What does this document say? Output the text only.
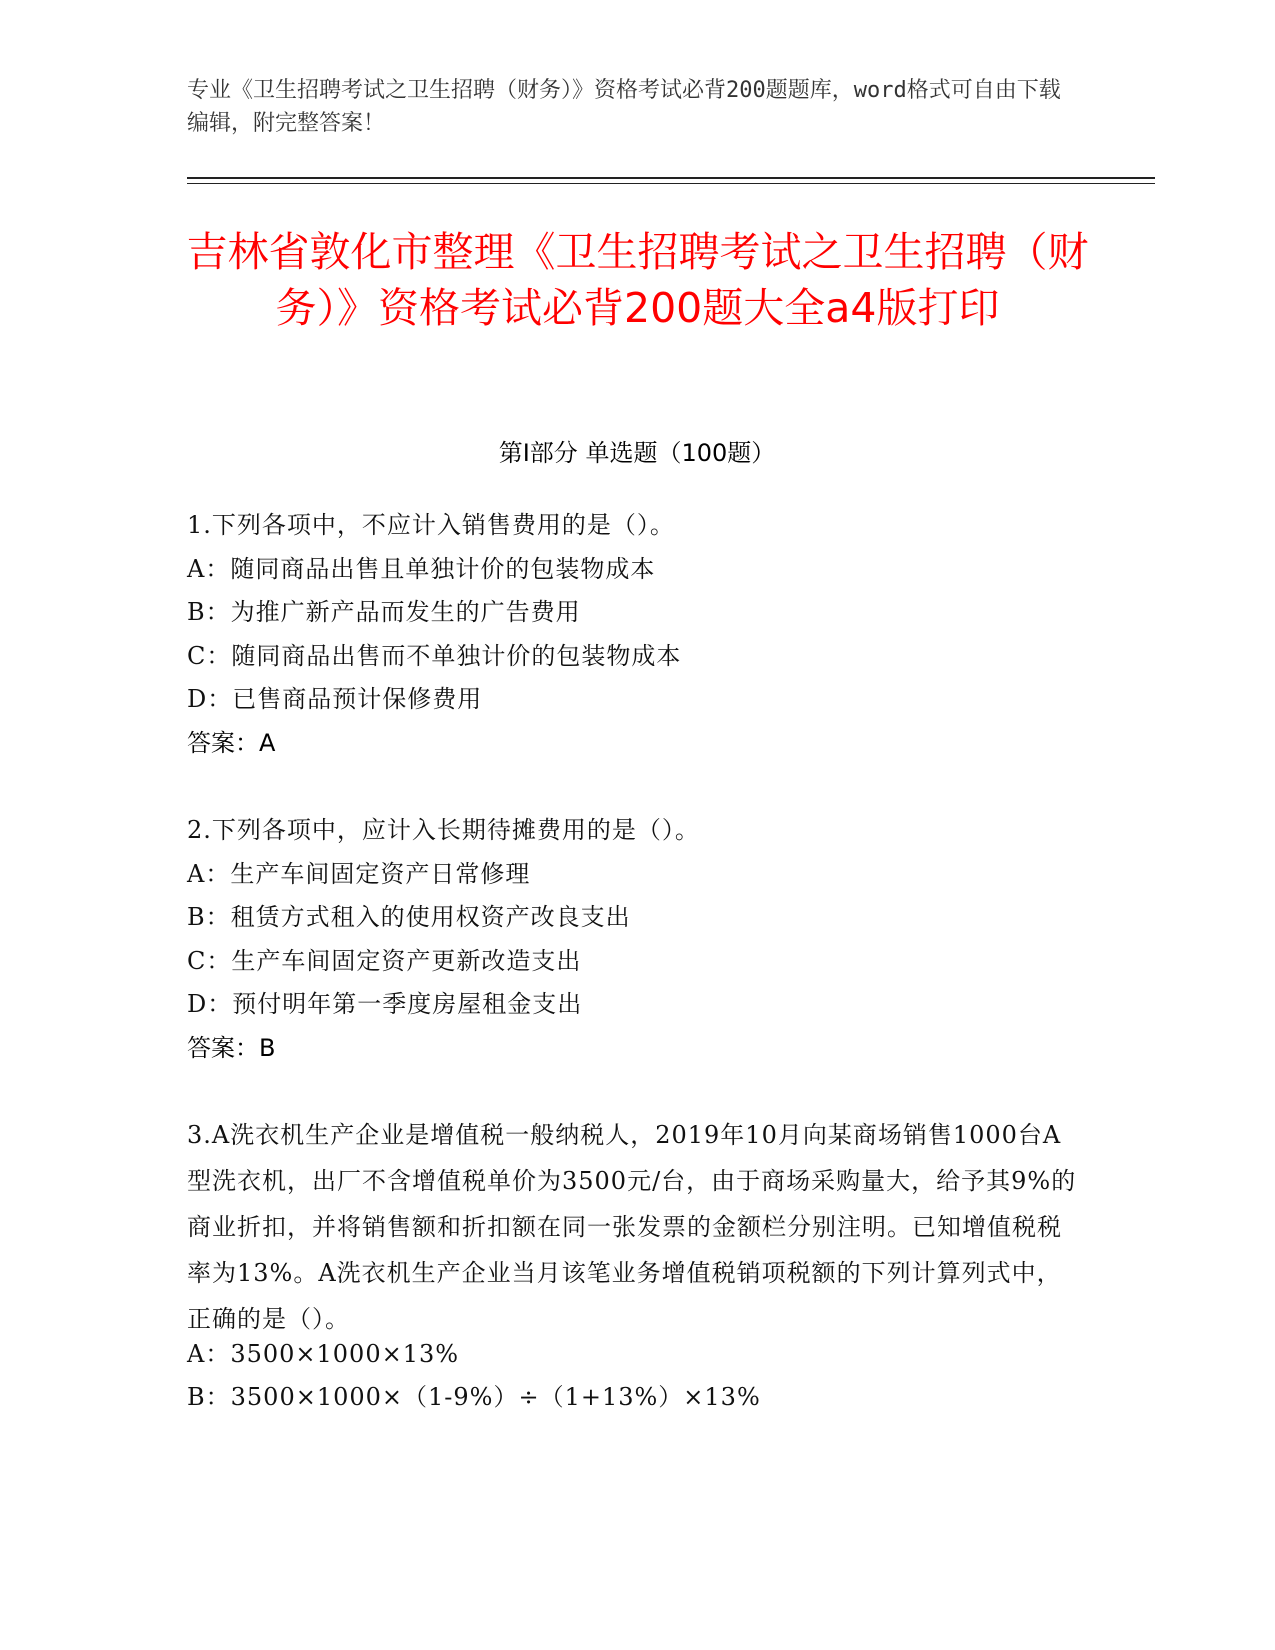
专业《卫生招聘考试之卫生招聘（财务）》资格考试必背200题题库，word格式可自由下载编辑，附完整答案！
吉林省敦化市整理《卫生招聘考试之卫生招聘（财务）》资格考试必背200题大全a4版打印
第I部分 单选题（100题）
1.下列各项中，不应计入销售费用的是（）。
A：随同商品出售且单独计价的包装物成本
B：为推广新产品而发生的广告费用
C：随同商品出售而不单独计价的包装物成本
D：已售商品预计保修费用
答案：A
2.下列各项中，应计入长期待摊费用的是（）。
A：生产车间固定资产日常修理
B：租赁方式租入的使用权资产改良支出
C：生产车间固定资产更新改造支出
D：预付明年第一季度房屋租金支出
答案：B
3.A洗衣机生产企业是增值税一般纳税人，2019年10月向某商场销售1000台A型洗衣机，出厂不含增值税单价为3500元/台，由于商场采购量大，给予其9%的商业折扣，并将销售额和折扣额在同一张发票的金额栏分别注明。已知增值税税率为13%。A洗衣机生产企业当月该笔业务增值税销项税额的下列计算列式中，正确的是（）。
A：3500×1000×13%
B：3500×1000×（1-9%）÷（1+13%）×13%
